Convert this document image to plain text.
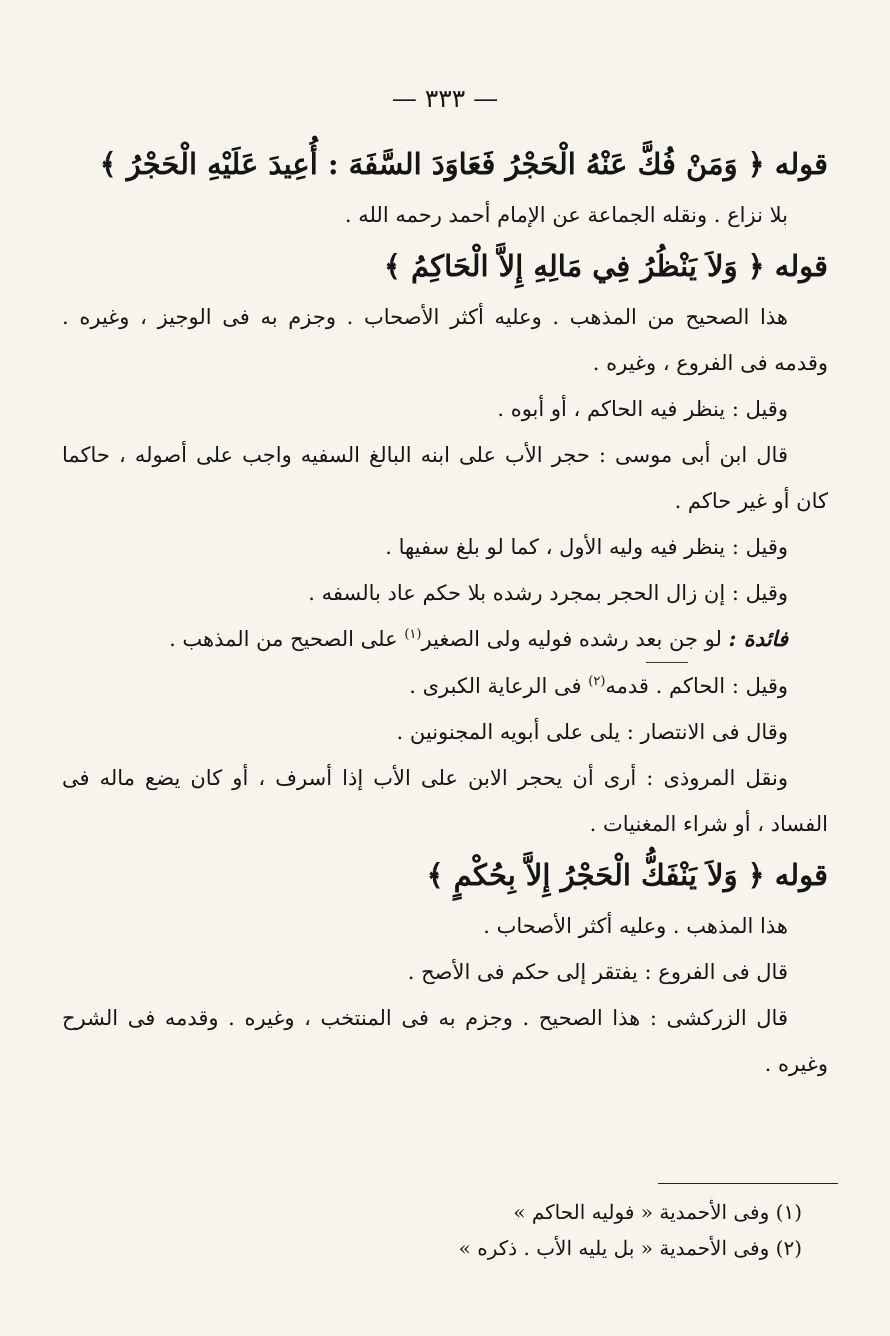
— ٣٣٣ —
قوله ﴿ وَمَنْ فُكَّ عَنْهُ الْحَجْرُ فَعَاوَدَ السَّفَهَ : أُعِيدَ عَلَيْهِ الْحَجْرُ ﴾

بلا نزاع . ونقله الجماعة عن الإمام أحمد رحمه الله .

قوله ﴿ وَلاَ يَنْظُرُ فِي مَالِهِ إِلاَّ الْحَاكِمُ ﴾

هذا الصحيح من المذهب . وعليه أكثر الأصحاب . وجزم به فى الوجيز ، وغيره . وقدمه فى الفروع ، وغيره .

وقيل : ينظر فيه الحاكم ، أو أبوه .

قال ابن أبى موسى : حجر الأب على ابنه البالغ السفيه واجب على أصوله ، حاكما كان أو غير حاكم .

وقيل : ينظر فيه وليه الأول ، كما لو بلغ سفيها .

وقيل : إن زال الحجر بمجرد رشده بلا حكم عاد بالسفه .

فائدة : لو جن بعد رشده فوليه ولى الصغير$^{(١)}$ على الصحيح من المذهب .

وقيل : الحاكم . قدمه$^{(٢)}$ فى الرعاية الكبرى .

وقال فى الانتصار : يلى على أبويه المجنونين .

ونقل المروذى : أرى أن يحجر الابن على الأب إذا أسرف ، أو كان يضع ماله فى الفساد ، أو شراء المغنيات .

قوله ﴿ وَلاَ يَنْفَكُّ الْحَجْرُ إِلاَّ بِحُكْمٍ ﴾

هذا المذهب . وعليه أكثر الأصحاب .

قال فى الفروع : يفتقر إلى حكم فى الأصح .

قال الزركشى : هذا الصحيح . وجزم به فى المنتخب ، وغيره . وقدمه فى الشرح وغيره .

(١) وفى الأحمدية « فوليه الحاكم »
(٢) وفى الأحمدية « بل يليه الأب . ذكره »
